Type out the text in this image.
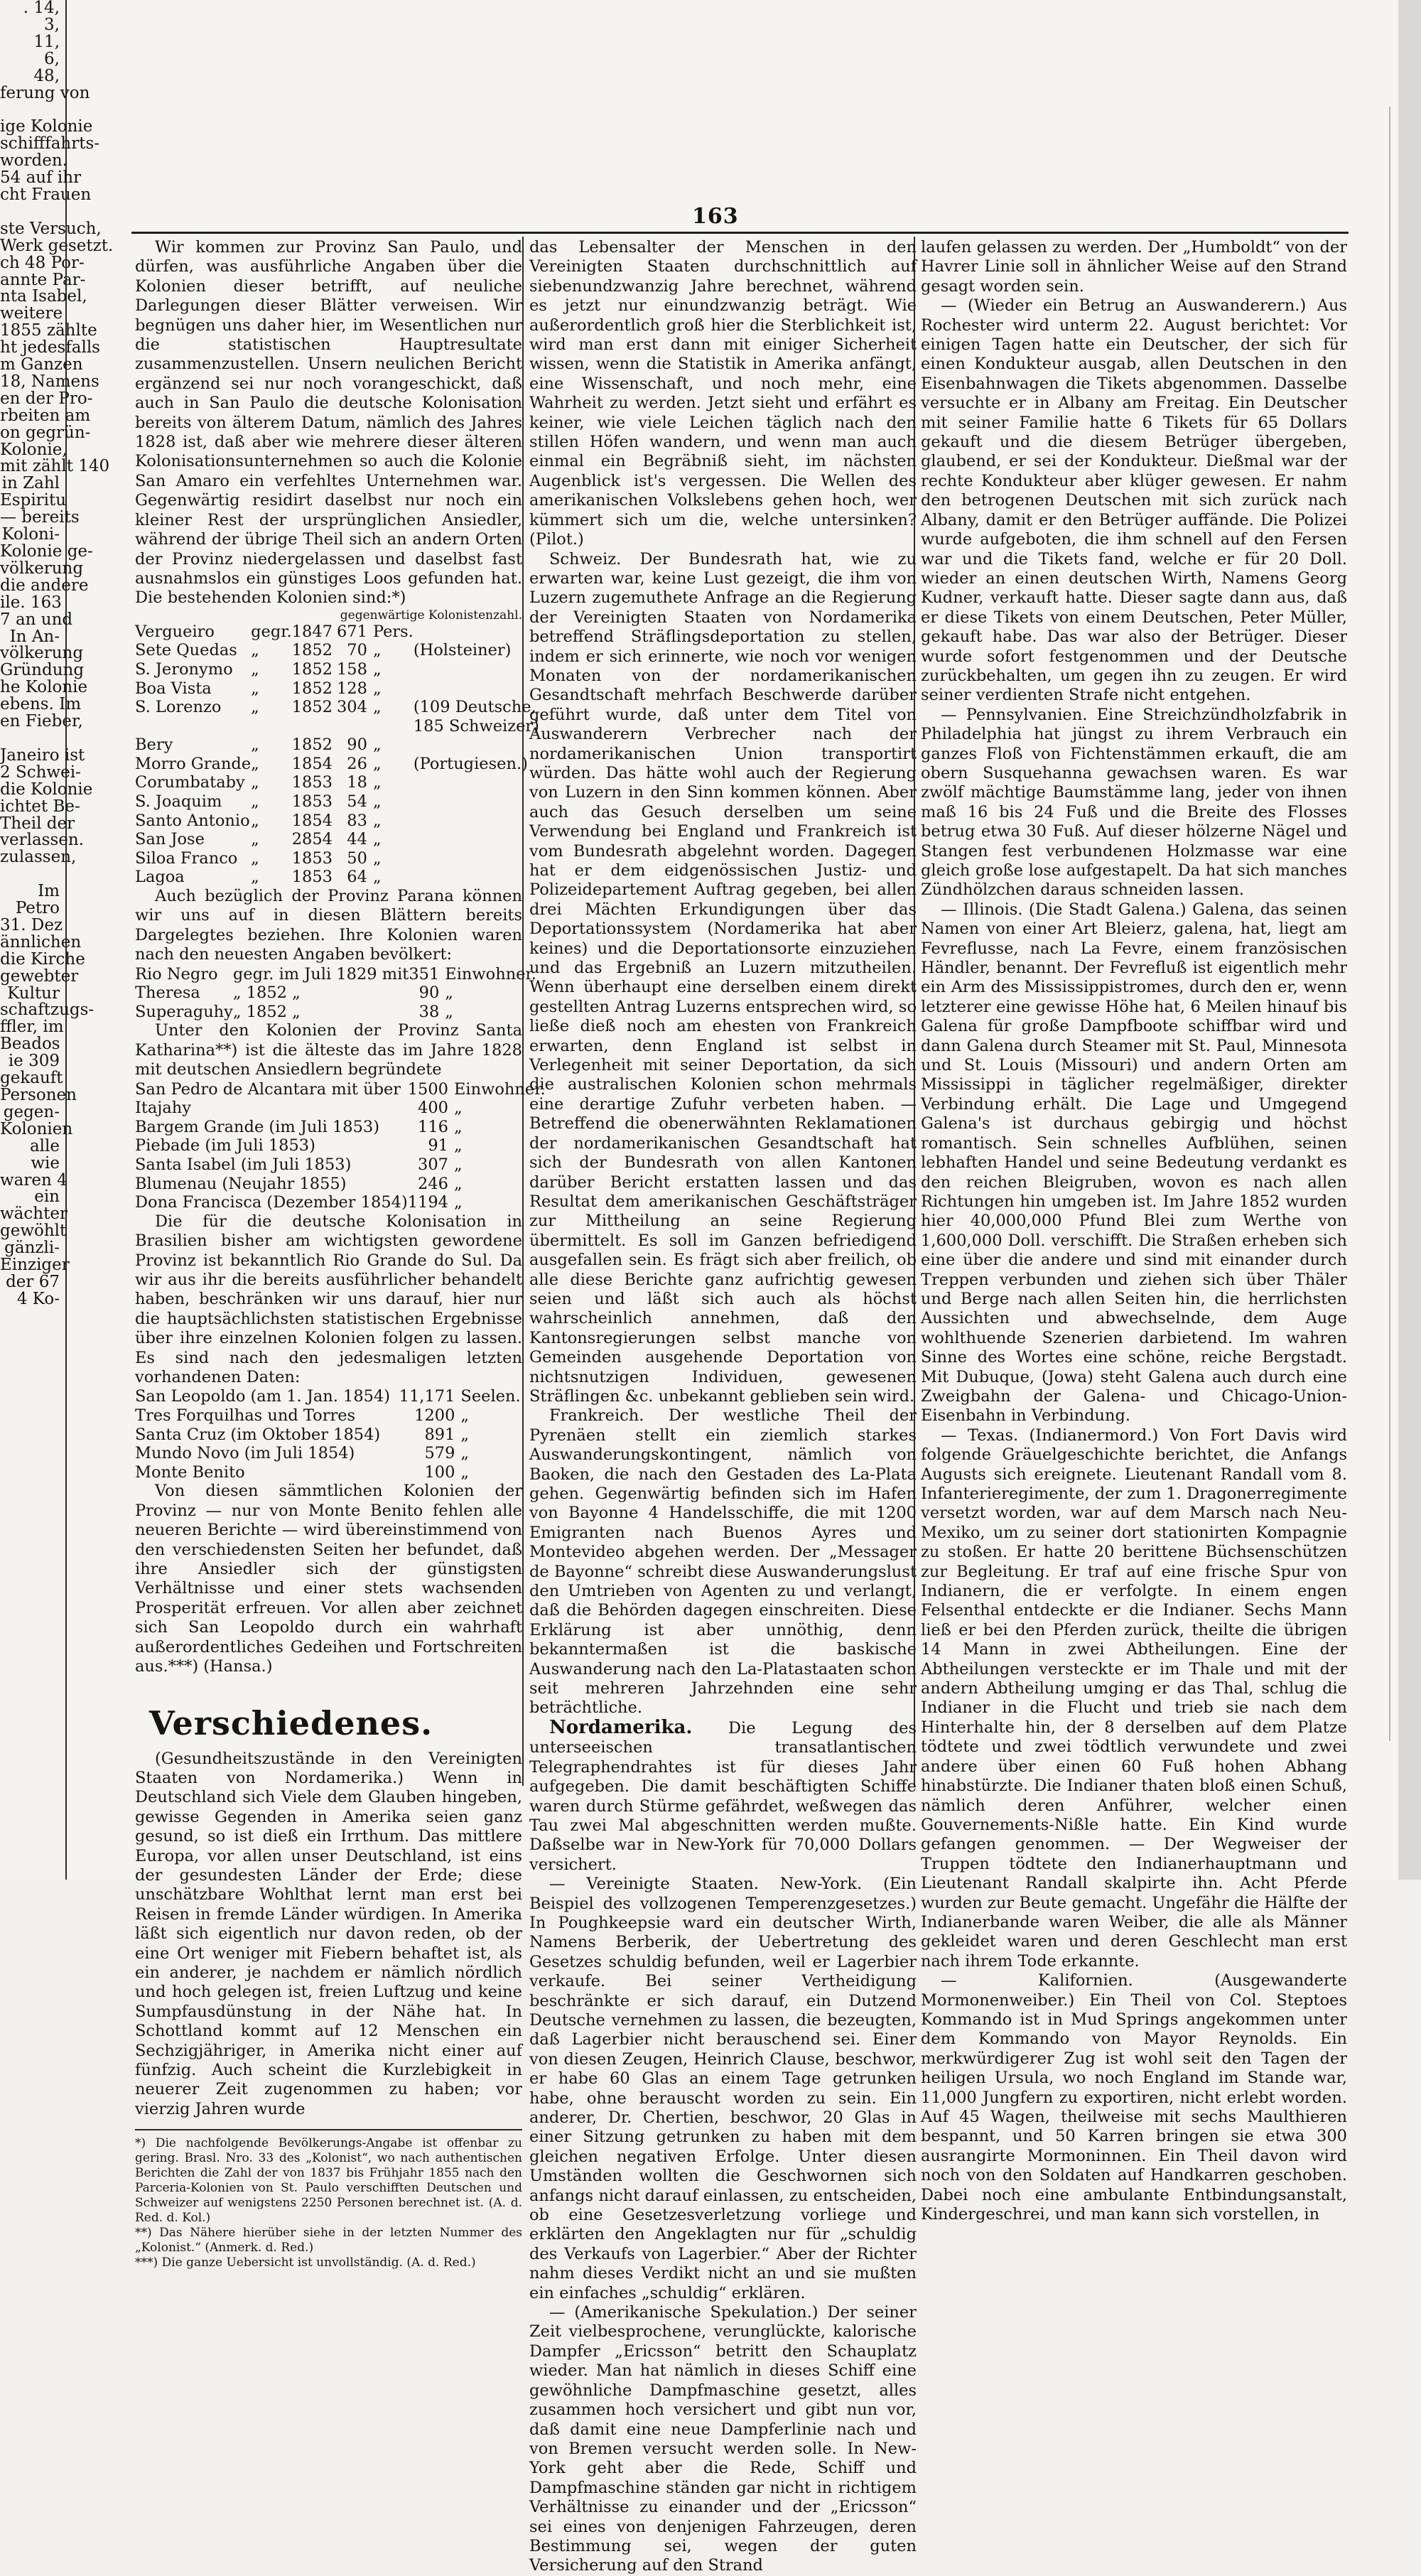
. 14,
3,
11,
6,
48,
ferung von

ige Kolonie
schifffahrts-
worden.
54 auf ihr
cht Frauen

ste Versuch,
Werk gesetzt.
ch 48 Por-
annte Par-
nta Isabel,
weitere
1855 zählte
ht jedesfalls
m Ganzen
18, Namens
en der Pro-
rbeiten am
on gegrün-
Kolonie,
mit zählt 140
in Zahl
Espiritu
— bereits
Koloni-
Kolonie ge-
völkerung
die andere
ile. 163
7 an und
In An-
völkerung
Gründung
he Kolonie
ebens. Im
en Fieber,

Janeiro ist
2 Schwei-
die Kolonie
ichtet Be-
Theil der
verlassen.
zulassen,

Im
Petro
31. Dez
ännlichen
die Kirche
gewebter
Kultur
schaftzugs-
ffler, im
Beados
ie 309
gekauft
Personen
gegen-
Kolonien
alle
wie
waren 4
ein
wächter
gewöhlt
gänzli-
Einziger
der 67
4 Ko-

163

Wir kommen zur Provinz San Paulo, und dürfen, was ausführliche Angaben über die Kolonien dieser betrifft, auf neuliche Darlegungen dieser Blätter verweisen. Wir begnügen uns daher hier, im Wesentlichen nur die statistischen Hauptresultate zusammenzustellen. Unsern neulichen Bericht ergänzend sei nur noch vorangeschickt, daß auch in San Paulo die deutsche Kolonisation bereits von älterem Datum, nämlich des Jahres 1828 ist, daß aber wie mehrere dieser älteren Kolonisationsunternehmen so auch die Kolonie San Amaro ein verfehltes Unternehmen war. Gegenwärtig residirt daselbst nur noch ein kleiner Rest der ursprünglichen Ansiedler, während der übrige Theil sich an andern Orten der Provinz niedergelassen und daselbst fast ausnahmslos ein günstiges Loos gefunden hat. Die bestehenden Kolonien sind:*)

gegenwärtige Kolonistenzahl.
Vergueiro	gegr.	1847	671	Pers.	
Sete Quedas	„	1852	70	„	(Holsteiner)
S. Jeronymo	„	1852	158	„	
Boa Vista	„	1852	128	„	
S. Lorenzo	„	1852	304	„	(109 Deutsche,
					185 Schweizer)
Bery	„	1852	90	„	
Morro Grande	„	1854	26	„	(Portugiesen.)
Corumbataby	„	1853	18	„	
S. Joaquim	„	1853	54	„	
Santo Antonio	„	1854	83	„	
San Jose	„	2854	44	„	
Siloa Franco	„	1853	50	„	
Lagoa	„	1853	64	„	

Auch bezüglich der Provinz Parana können wir uns auf in diesen Blättern bereits Dargelegtes beziehen. Ihre Kolonien waren nach den neuesten Angaben bevölkert:

Rio Negro	gegr. im Juli 1829 mit	351	Einwohner.
Theresa	„ 1852 „	90	„
Superaguhy	„ 1852 „	38	„

Unter den Kolonien der Provinz Santa Katharina**) ist die älteste das im Jahre 1828 mit deutschen Ansiedlern begründete

San Pedro de Alcantara mit über	1500	Einwohner.
Itajahy	400	„
Bargem Grande (im Juli 1853)	116	„
Piebade (im Juli 1853)	91	„
Santa Isabel (im Juli 1853)	307	„
Blumenau (Neujahr 1855)	246	„
Dona Francisca (Dezember 1854)	1194	„

Die für die deutsche Kolonisation in Brasilien bisher am wichtigsten gewordene Provinz ist bekanntlich Rio Grande do Sul. Da wir aus ihr die bereits ausführlicher behandelt haben, beschränken wir uns darauf, hier nur die hauptsächlichsten statistischen Ergebnisse über ihre einzelnen Kolonien folgen zu lassen. Es sind nach den jedesmaligen letzten vorhandenen Daten:

San Leopoldo (am 1. Jan. 1854)	11,171	Seelen.
Tres Forquilhas und Torres	1200	„
Santa Cruz (im Oktober 1854)	891	„
Mundo Novo (im Juli 1854)	579	„
Monte Benito	100	„

Von diesen sämmtlichen Kolonien der Provinz — nur von Monte Benito fehlen alle neueren Berichte — wird übereinstimmend von den verschiedensten Seiten her befundet, daß ihre Ansiedler sich der günstigsten Verhältnisse und einer stets wachsenden Prosperität erfreuen. Vor allen aber zeichnet sich San Leopoldo durch ein wahrhaft außerordentliches Gedeihen und Fortschreiten aus.***) (Hansa.)

Verschiedenes.

(Gesundheitszustände in den Vereinigten Staaten von Nordamerika.) Wenn in Deutschland sich Viele dem Glauben hingeben, gewisse Gegenden in Amerika seien ganz gesund, so ist dieß ein Irrthum. Das mittlere Europa, vor allen unser Deutschland, ist eins der gesundesten Länder der Erde; diese unschätzbare Wohlthat lernt man erst bei Reisen in fremde Länder würdigen. In Amerika läßt sich eigentlich nur davon reden, ob der eine Ort weniger mit Fiebern behaftet ist, als ein anderer, je nachdem er nämlich nördlich und hoch gelegen ist, freien Luftzug und keine Sumpfausdünstung in der Nähe hat. In Schottland kommt auf 12 Menschen ein Sechzigjähriger, in Amerika nicht einer auf fünfzig. Auch scheint die Kurzlebigkeit in neuerer Zeit zugenommen zu haben; vor vierzig Jahren wurde

*) Die nachfolgende Bevölkerungs-Angabe ist offenbar zu gering. Brasl. Nro. 33 des „Kolonist“, wo nach authentischen Berichten die Zahl der von 1837 bis Frühjahr 1855 nach den Parceria-Kolonien von St. Paulo verschifften Deutschen und Schweizer auf wenigstens 2250 Personen berechnet ist. (A. d. Red. d. Kol.)

**) Das Nähere hierüber siehe in der letzten Nummer des „Kolonist.“ (Anmerk. d. Red.)

***) Die ganze Uebersicht ist unvollständig. (A. d. Red.)

das Lebensalter der Menschen in den Vereinigten Staaten durchschnittlich auf siebenundzwanzig Jahre berechnet, während es jetzt nur einundzwanzig beträgt. Wie außerordentlich groß hier die Sterblichkeit ist, wird man erst dann mit einiger Sicherheit wissen, wenn die Statistik in Amerika anfängt, eine Wissenschaft, und noch mehr, eine Wahrheit zu werden. Jetzt sieht und erfährt es keiner, wie viele Leichen täglich nach den stillen Höfen wandern, und wenn man auch einmal ein Begräbniß sieht, im nächsten Augenblick ist's vergessen. Die Wellen des amerikanischen Volkslebens gehen hoch, wer kümmert sich um die, welche untersinken? (Pilot.)

Schweiz. Der Bundesrath hat, wie zu erwarten war, keine Lust gezeigt, die ihm von Luzern zugemuthete Anfrage an die Regierung der Vereinigten Staaten von Nordamerika betreffend Sträflingsdeportation zu stellen, indem er sich erinnerte, wie noch vor wenigen Monaten von der nordamerikanischen Gesandtschaft mehrfach Beschwerde darüber geführt wurde, daß unter dem Titel von Auswanderern Verbrecher nach der nordamerikanischen Union transportirt würden. Das hätte wohl auch der Regierung von Luzern in den Sinn kommen können. Aber auch das Gesuch derselben um seine Verwendung bei England und Frankreich ist vom Bundesrath abgelehnt worden. Dagegen hat er dem eidgenössischen Justiz- und Polizeidepartement Auftrag gegeben, bei allen drei Mächten Erkundigungen über das Deportationssystem (Nordamerika hat aber keines) und die Deportationsorte einzuziehen und das Ergebniß an Luzern mitzutheilen. Wenn überhaupt eine derselben einem direkt gestellten Antrag Luzerns entsprechen wird, so ließe dieß noch am ehesten von Frankreich erwarten, denn England ist selbst in Verlegenheit mit seiner Deportation, da sich die australischen Kolonien schon mehrmals eine derartige Zufuhr verbeten haben. — Betreffend die obenerwähnten Reklamationen der nordamerikanischen Gesandtschaft hat sich der Bundesrath von allen Kantonen darüber Bericht erstatten lassen und das Resultat dem amerikanischen Geschäftsträger zur Mittheilung an seine Regierung übermittelt. Es soll im Ganzen befriedigend ausgefallen sein. Es frägt sich aber freilich, ob alle diese Berichte ganz aufrichtig gewesen seien und läßt sich auch als höchst wahrscheinlich annehmen, daß den Kantonsregierungen selbst manche von Gemeinden ausgehende Deportation von nichtsnutzigen Individuen, gewesenen Sträflingen &c. unbekannt geblieben sein wird.

Frankreich. Der westliche Theil der Pyrenäen stellt ein ziemlich starkes Auswanderungskontingent, nämlich von Baoken, die nach den Gestaden des La-Plata gehen. Gegenwärtig befinden sich im Hafen von Bayonne 4 Handelsschiffe, die mit 1200 Emigranten nach Buenos Ayres und Montevideo abgehen werden. Der „Messager de Bayonne“ schreibt diese Auswanderungslust den Umtrieben von Agenten zu und verlangt, daß die Behörden dagegen einschreiten. Diese Erklärung ist aber unnöthig, denn bekanntermaßen ist die baskische Auswanderung nach den La-Platastaaten schon seit mehreren Jahrzehnden eine sehr beträchtliche.

Nordamerika. Die Legung des unterseeischen transatlantischen Telegraphendrahtes ist für dieses Jahr aufgegeben. Die damit beschäftigten Schiffe waren durch Stürme gefährdet, weßwegen das Tau zwei Mal abgeschnitten werden mußte. Daßselbe war in New-York für 70,000 Dollars versichert.

— Vereinigte Staaten. New-York. (Ein Beispiel des vollzogenen Temperenzgesetzes.) In Poughkeepsie ward ein deutscher Wirth, Namens Berberik, der Uebertretung des Gesetzes schuldig befunden, weil er Lagerbier verkaufe. Bei seiner Vertheidigung beschränkte er sich darauf, ein Dutzend Deutsche vernehmen zu lassen, die bezeugten, daß Lagerbier nicht berauschend sei. Einer von diesen Zeugen, Heinrich Clause, beschwor, er habe 60 Glas an einem Tage getrunken habe, ohne berauscht worden zu sein. Ein anderer, Dr. Chertien, beschwor, 20 Glas in einer Sitzung getrunken zu haben mit dem gleichen negativen Erfolge. Unter diesen Umständen wollten die Geschwornen sich anfangs nicht darauf einlassen, zu entscheiden, ob eine Gesetzesverletzung vorliege und erklärten den Angeklagten nur für „schuldig des Verkaufs von Lagerbier.“ Aber der Richter nahm dieses Verdikt nicht an und sie mußten ein einfaches „schuldig“ erklären.

— (Amerikanische Spekulation.) Der seiner Zeit vielbesprochene, verunglückte, kalorische Dampfer „Ericsson“ betritt den Schauplatz wieder. Man hat nämlich in dieses Schiff eine gewöhnliche Dampfmaschine gesetzt, alles zusammen hoch versichert und gibt nun vor, daß damit eine neue Dampferlinie nach und von Bremen versucht werden solle. In New-York geht aber die Rede, Schiff und Dampfmaschine ständen gar nicht in richtigem Verhältnisse zu einander und der „Ericsson“ sei eines von denjenigen Fahrzeugen, deren Bestimmung sei, wegen der guten Versicherung auf den Strand

laufen gelassen zu werden. Der „Humboldt“ von der Havrer Linie soll in ähnlicher Weise auf den Strand gesagt worden sein.

— (Wieder ein Betrug an Auswanderern.) Aus Rochester wird unterm 22. August berichtet: Vor einigen Tagen hatte ein Deutscher, der sich für einen Kondukteur ausgab, allen Deutschen in den Eisenbahnwagen die Tikets abgenommen. Dasselbe versuchte er in Albany am Freitag. Ein Deutscher mit seiner Familie hatte 6 Tikets für 65 Dollars gekauft und die diesem Betrüger übergeben, glaubend, er sei der Kondukteur. Dießmal war der rechte Kondukteur aber klüger gewesen. Er nahm den betrogenen Deutschen mit sich zurück nach Albany, damit er den Betrüger auffände. Die Polizei wurde aufgeboten, die ihm schnell auf den Fersen war und die Tikets fand, welche er für 20 Doll. wieder an einen deutschen Wirth, Namens Georg Kudner, verkauft hatte. Dieser sagte dann aus, daß er diese Tikets von einem Deutschen, Peter Müller, gekauft habe. Das war also der Betrüger. Dieser wurde sofort festgenommen und der Deutsche zurückbehalten, um gegen ihn zu zeugen. Er wird seiner verdienten Strafe nicht entgehen.

— Pennsylvanien. Eine Streichzündholzfabrik in Philadelphia hat jüngst zu ihrem Verbrauch ein ganzes Floß von Fichtenstämmen erkauft, die am obern Susquehanna gewachsen waren. Es war zwölf mächtige Baumstämme lang, jeder von ihnen maß 16 bis 24 Fuß und die Breite des Flosses betrug etwa 30 Fuß. Auf dieser hölzerne Nägel und Stangen fest verbundenen Holzmasse war eine gleich große lose aufgestapelt. Da hat sich manches Zündhölzchen daraus schneiden lassen.

— Illinois. (Die Stadt Galena.) Galena, das seinen Namen von einer Art Bleierz, galena, hat, liegt am Fevreflusse, nach La Fevre, einem französischen Händler, benannt. Der Fevrefluß ist eigentlich mehr ein Arm des Mississippistromes, durch den er, wenn letzterer eine gewisse Höhe hat, 6 Meilen hinauf bis Galena für große Dampfboote schiffbar wird und dann Galena durch Steamer mit St. Paul, Minnesota und St. Louis (Missouri) und andern Orten am Mississippi in täglicher regelmäßiger, direkter Verbindung erhält. Die Lage und Umgegend Galena's ist durchaus gebirgig und höchst romantisch. Sein schnelles Aufblühen, seinen lebhaften Handel und seine Bedeutung verdankt es den reichen Bleigruben, wovon es nach allen Richtungen hin umgeben ist. Im Jahre 1852 wurden hier 40,000,000 Pfund Blei zum Werthe von 1,600,000 Doll. verschifft. Die Straßen erheben sich eine über die andere und sind mit einander durch Treppen verbunden und ziehen sich über Thäler und Berge nach allen Seiten hin, die herrlichsten Aussichten und abwechselnde, dem Auge wohlthuende Szenerien darbietend. Im wahren Sinne des Wortes eine schöne, reiche Bergstadt. Mit Dubuque, (Jowa) steht Galena auch durch eine Zweigbahn der Galena- und Chicago-Union-Eisenbahn in Verbindung.

— Texas. (Indianermord.) Von Fort Davis wird folgende Gräuelgeschichte berichtet, die Anfangs Augusts sich ereignete. Lieutenant Randall vom 8. Infanterieregimente, der zum 1. Dragonerregimente versetzt worden, war auf dem Marsch nach Neu-Mexiko, um zu seiner dort stationirten Kompagnie zu stoßen. Er hatte 20 berittene Büchsenschützen zur Begleitung. Er traf auf eine frische Spur von Indianern, die er verfolgte. In einem engen Felsenthal entdeckte er die Indianer. Sechs Mann ließ er bei den Pferden zurück, theilte die übrigen 14 Mann in zwei Abtheilungen. Eine der Abtheilungen versteckte er im Thale und mit der andern Abtheilung umging er das Thal, schlug die Indianer in die Flucht und trieb sie nach dem Hinterhalte hin, der 8 derselben auf dem Platze tödtete und zwei tödtlich verwundete und zwei andere über einen 60 Fuß hohen Abhang hinabstürzte. Die Indianer thaten bloß einen Schuß, nämlich deren Anführer, welcher einen Gouvernements-Nißle hatte. Ein Kind wurde gefangen genommen. — Der Wegweiser der Truppen tödtete den Indianerhauptmann und Lieutenant Randall skalpirte ihn. Acht Pferde wurden zur Beute gemacht. Ungefähr die Hälfte der Indianerbande waren Weiber, die alle als Männer gekleidet waren und deren Geschlecht man erst nach ihrem Tode erkannte.

— Kalifornien. (Ausgewanderte Mormonenweiber.) Ein Theil von Col. Steptoes Kommando ist in Mud Springs angekommen unter dem Kommando von Mayor Reynolds. Ein merkwürdigerer Zug ist wohl seit den Tagen der heiligen Ursula, wo noch England im Stande war, 11,000 Jungfern zu exportiren, nicht erlebt worden. Auf 45 Wagen, theilweise mit sechs Maulthieren bespannt, und 50 Karren bringen sie etwa 300 ausrangirte Mormoninnen. Ein Theil davon wird noch von den Soldaten auf Handkarren geschoben. Dabei noch eine ambulante Entbindungsanstalt, Kindergeschrei, und man kann sich vorstellen, in
